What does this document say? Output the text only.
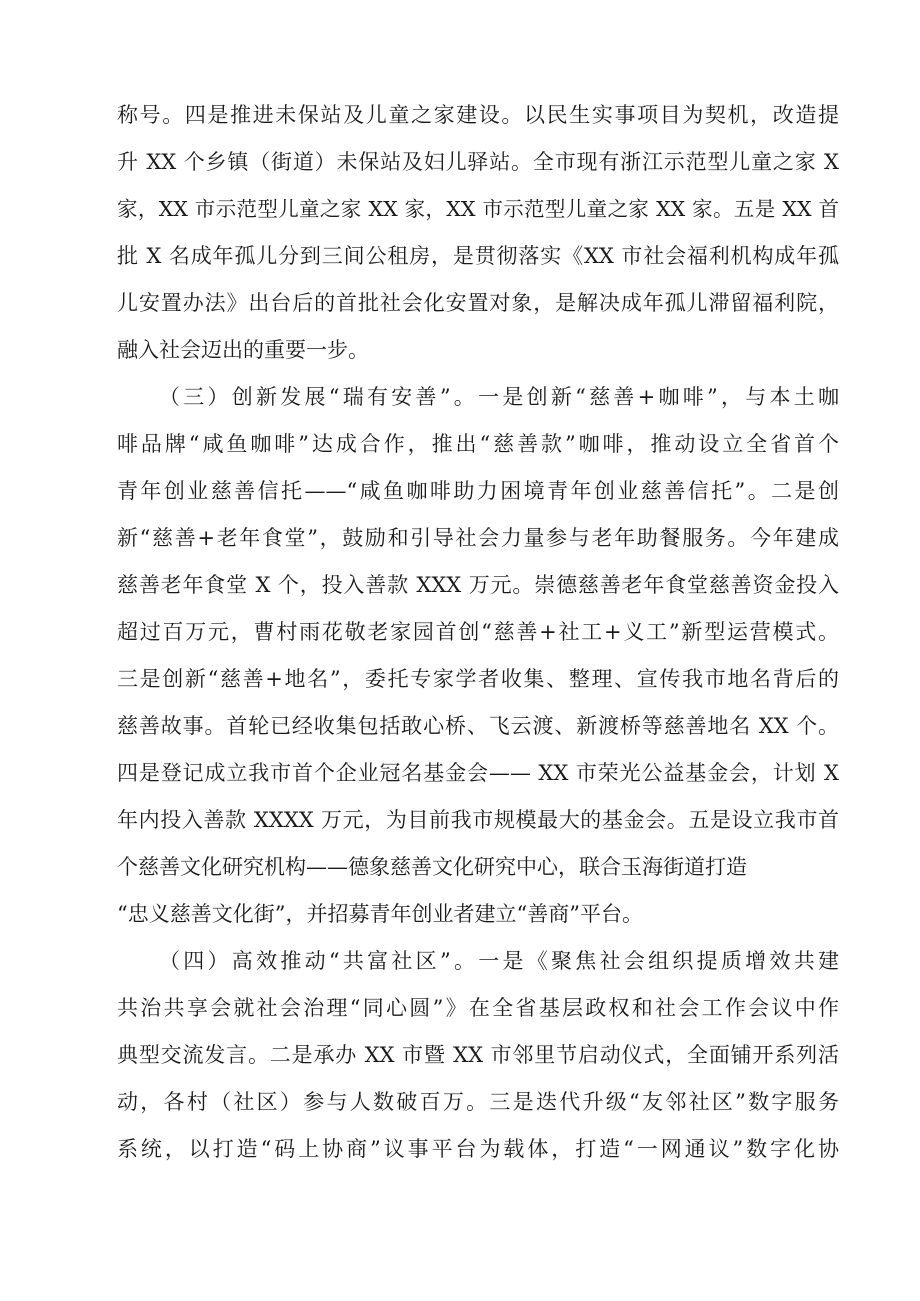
称号。四是推进未保站及儿童之家建设。以民生实事项目为契机，改造提
升 XX 个乡镇（街道）未保站及妇儿驿站。全市现有浙江示范型儿童之家 X
家，XX 市示范型儿童之家 XX 家，XX 市示范型儿童之家 XX 家。五是 XX 首
批 X 名成年孤儿分到三间公租房，是贯彻落实《XX 市社会福利机构成年孤
儿安置办法》出台后的首批社会化安置对象，是解决成年孤儿滞留福利院，
融入社会迈出的重要一步。
（三）创新发展“瑞有安善”。一是创新“慈善+咖啡”，与本土咖
啡品牌“咸鱼咖啡”达成合作，推出“慈善款”咖啡，推动设立全省首个
青年创业慈善信托——“咸鱼咖啡助力困境青年创业慈善信托”。二是创
新“慈善+老年食堂”，鼓励和引导社会力量参与老年助餐服务。今年建成
慈善老年食堂 X 个，投入善款 XXX 万元。崇德慈善老年食堂慈善资金投入
超过百万元，曹村雨花敬老家园首创“慈善+社工+义工”新型运营模式。
三是创新“慈善+地名”，委托专家学者收集、整理、宣传我市地名背后的
慈善故事。首轮已经收集包括敢心桥、飞云渡、新渡桥等慈善地名 XX 个。
四是登记成立我市首个企业冠名基金会—— XX 市荣光公益基金会，计划 X
年内投入善款 XXXX 万元，为目前我市规模最大的基金会。五是设立我市首
个慈善文化研究机构——德象慈善文化研究中心，联合玉海街道打造
“忠义慈善文化街”，并招募青年创业者建立“善商”平台。
（四）高效推动“共富社区”。一是《聚焦社会组织提质增效共建
共治共享会就社会治理“同心圆”》在全省基层政权和社会工作会议中作
典型交流发言。二是承办 XX 市暨 XX 市邻里节启动仪式，全面铺开系列活
动，各村（社区）参与人数破百万。三是迭代升级“友邻社区”数字服务
系统，以打造“码上协商”议事平台为载体，打造“一网通议”数字化协
